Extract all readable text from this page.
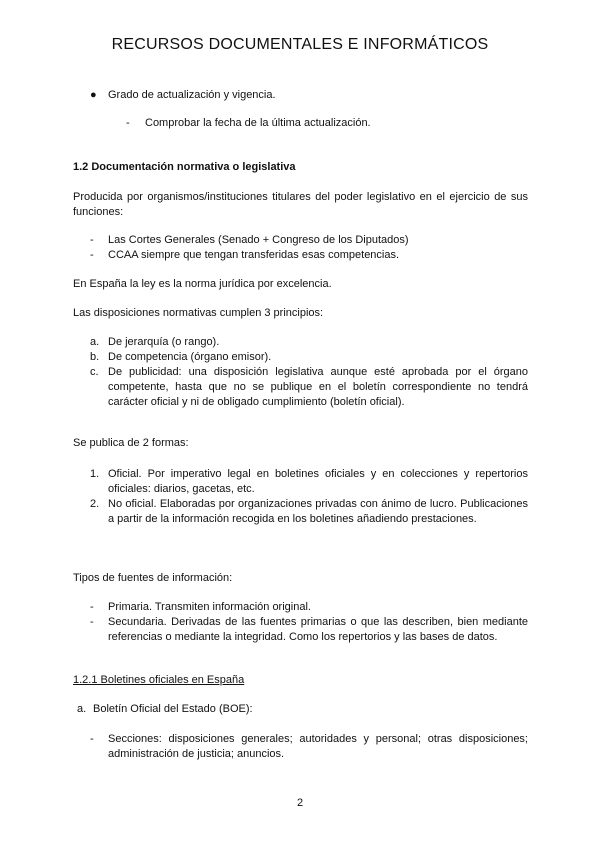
RECURSOS DOCUMENTALES E INFORMÁTICOS
● Grado de actualización y vigencia.
- Comprobar la fecha de la última actualización.
1.2 Documentación normativa o legislativa
Producida por organismos/instituciones titulares del poder legislativo en el ejercicio de sus funciones:
- Las Cortes Generales (Senado + Congreso de los Diputados)
- CCAA siempre que tengan transferidas esas competencias.
En España la ley es la norma jurídica por excelencia.
Las disposiciones normativas cumplen 3 principios:
a. De jerarquía (o rango).
b. De competencia (órgano emisor).
c. De publicidad: una disposición legislativa aunque esté aprobada por el órgano competente, hasta que no se publique en el boletín correspondiente no tendrá carácter oficial y ni de obligado cumplimiento (boletín oficial).
Se publica de 2 formas:
1. Oficial. Por imperativo legal en boletines oficiales y en colecciones y repertorios oficiales: diarios, gacetas, etc.
2. No oficial. Elaboradas por organizaciones privadas con ánimo de lucro. Publicaciones a partir de la información recogida en los boletines añadiendo prestaciones.
Tipos de fuentes de información:
- Primaria. Transmiten información original.
- Secundaria. Derivadas de las fuentes primarias o que las describen, bien mediante referencias o mediante la integridad. Como los repertorios y las bases de datos.
1.2.1 Boletines oficiales en España
a. Boletín Oficial del Estado (BOE):
- Secciones: disposiciones generales; autoridades y personal; otras disposiciones; administración de justicia; anuncios.
2
